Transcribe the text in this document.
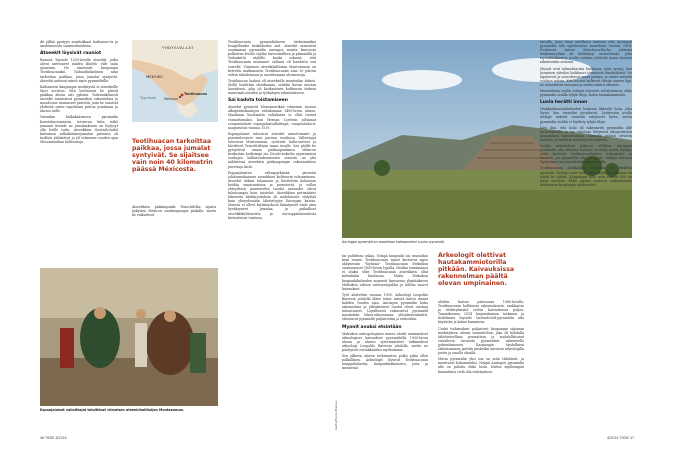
dit jälkiä pyntyyn muistokkaat kadonnee-ta ja unohtuneesta suuruuskaudesta.

Atseekit löysivät rauniot

Rauniot löysivät 1200-luvulla atseekit, jotka olivat asettuneet mäden läheltä- ville saita ajoneimn. He nimesivät kaupungin Teotihuacaniksi. Nahuatlinkielinen nimi tarkoittaa paikkaa, jossa jumalat syntyivät. Atseekit antoivat nimet myös pyramideille.

Kadonneen kaupungin merkitystä ei atseekeille täysi arvoitus. Sitä luultavasti he pitivät paikkaa alusta asti pyhänä. Todennäköisesti atseekit tunnistivat pyramidien rakennelma ja muodostus ruumaseet pärtetiä, joita he osasivat yhdistää omiin tapoihinsa palvoa jumaliaan ja uhrata niille.

Varsinkin kulkakäärmeen pyramidin koristekuvioinnissa toistuvan kiita näkö jumaani irtoivät ne jumalankuvan on löytyvyt olla heille tuttu. Atseekkien Quetzalcóatlal kutsuman sulkakäärmejumalan palvonta oli tuolloin yhdistävyt jo yli tuhannen vuoden ajan Mesoamerikan kulttuureja.

YHDYSVALLAT
MEKSIKO
Tyynimeri Méxicon
Teotihuacan
Teotihuacan tarkoittaa paikkaa, jossa jumalat syntyivät. Se sijaitsee vain noin 40 kilometrin päässä Méxicosta.

Atseekkien pääkaupunki Tenochtitlán sijaitsi nykyisen Méxicon suurkaupungin paikalla, mutta he vaikuttivat

Teotihuacanin pyramidialueen tärkeimmäksi hengelliseksi keskukseksi asti. Atseekit nimesivät suurimman pyramidin auringon muista kaavoista palkeivan levolle väylän hirvesimilleen ja pitimmillä ja Vadaskettä väylälle, koska sokuvat, että Teotihuacanin muinaiset valtiaat oli haudattu sen varrelle. Viimeisen atseekihallitsian Montezuman on kerrottu matkanneen Teotihuacaniin aina 20 päivän välein rukoilemaan ja suorittamaan uhrimenoja.

Teotihuacan laaksoi oli atseekeille muutenkin tärkeä. Siellä louhittiin obsidiaania, erittäin kovaa mustaa laavakiveä, joka oli kivikautisen kulttuurin tärkein materiaali aseiden ja työkalujen valmistukseen.

Sai kadota toistamiseen

Atseekit pystyivät Mesoamerikan viimeisen suuren alkuperäiskansojen valtakunnan 1400-luvun alussa. Maailman huolimatta valtakunta ei ollut tuonut voimattomaksi, kun Hernan Cortésin johtamat conquistadorit espanjalaisvalloittajat, conquistadorit, nauputuivat vuonna 1519.

Espanjalaiset tuhosivat atseekit armottomasti ja perustelevaiset vain parissa vuodessa. Valloittajat tuhosivat Montezuman, ryöstivät kulta-aarteet ja hävittivät Tenochtitlánin maan tasalle. Sen päälle he pystyttivät omam pääkaupunkinsa. Méxicon keskustan korkeimpi sta Zócalo-aukiolta nyysrumieni vanhojen hallintorakennusten seinistä on yhä nähtävissä atseekien pääkaupungin rakennuskivia purettuja kiviä.

Espanjalaisten valtaapyrkimää perustui johdonmukaiseen atseekkien kulttuurin tuhoamiseen. Atseekit uhkasi tuhannoin ja hävitettiin kokonaan heidän omaisuutensa ja perusterät, ja vallan yhteydessä mantereelta tuodut sairaudet olivat tuhoisampia kuin taistelut. Atseekkien perimätieto lukeneita käsikirjoituksia oli mahdotonta säilyttää kuin yhteydessään lähetettyjen Euroopan kautta. Maassa ei olleet kristinuskoon kääntyneet eivät aina hyväksyneet Jumalaa, ja paikalliset atseekkikulttuurista ja eurooppalaisuudesta kietoutuivat toisiinsa.

Espanjalaiset valloittajat teloittivat viimeisen atseekihallitsijan Montezuman.
46 TIEDE 8/2024
Auringon pyramidi on maailman kolmanneksi suurin pyramidi.
Getty/Pierre Maloes

tai poliittista uskaa. Niinpä kaupunki sai raunioiksi kuin ennen. Teotihuacanin nimet kertoivat myös säilyneisiin "löytöinä" Teotihuacanin Meksikon viranomaiset 1800-luvun lopulla. Heidän toimintansa ei aluksi ollut Teotihuacanin atseekkien ollut mitenkään kuuluisaa. Mutta Meksikon kaupunkikaluuden nopeasti kasvaessa ylipitääkseen Meksikon valtion satavuotisjuhlia ja tehtiin suuret kaivaukset.

Työt aloitettiin vuonna 1905. Arkeologi Leopoldo Batresin johdolla lähes tuhat miestä kaivoi maata kahden vuoden ajan. Auringon pyramidin koko rakennelma ja ylärakenteet tuodut olivat osittain tuhoutuneet. Lopullisesti rakennetut pyramidit muokattiin lukea-oikeusmaan ylösalaistrakseitti. Muistavat pyramidit paljastettiin ja entisöitiin.

Myonit avuksi etsintään

Meksikon antropologinen museo aloitti ensimmäiset arkeologiset kaivaukset pyramideilla 1900-luvun alussa ja alueen systemaattiset tutkimukset arkeologi Leopoldo Batresin johdolla, mutta ne päättyivät vastakkaisiksi myöhemmin.

Sen jälkeen alueen tutkimusten polku pitkä ollen palkallinen. Arkeologit löysivät Teotihuacanin temppelialueita, kaupunkirakenteita, joita ja mennessä

Arkeologit olettivat hautakammiotorilla pitkään. Kaivauksissa rakennelman päältä olevan umpinainen.

alettiin kaivaa pääsuoraa 1960-luvulla. Teotihuacanin hallituista rakennuksista, asukkaista ja eliittiryhmistä selvisi kaivauksissa paljon. Tammikuussa 2014 laajamittainen tutkimus ja tiedekunta loysivät Quetzalcóatl-pyramidin alta käytävän ja kolme kammiota.

Uudet tutkimukset paljastivat kaupungin sijainnin merkityksen olevan suunniteltua, joka oli kohdalla tähtitieteellisin periaattein ja mahdollistanut vierailevia tarinoita pyramidien rakenteelle jyrkentämiseen. Kaupungin täydellinen rakentaminen jaettiin piiskoiksi muutoin arkeologilla jaettu ja omalla oksalla.

Mutta pyramidin yksi osa on mitä tähtäävät, ja muuttuvat kokonaiseksi. Niinpä Auringon pyramidin alle on piilottu ehkä luola. Niiden myöhempää kannattaisi vielä olla esittämässä.

tavoilla. Juuri tämä mielikuva ansiosta siitä Auringon pyramidin alla sijaitsevassa tunnelissa vuonna 2004. Professori Arturo Menchaca-Rocha johtama tutkimusryhmä oli kehittänyt menetelmän, jolla myonihiukkasten avulla voidaan selvittää maan alaisten rakenteiden sisäosia.

Myonit ovat sekundaarisia hiukkasia, joita syntyy, kun kosmisen säteilyn hiukkaset törmäävät ilmakehässä. Ne läpäisevät ja saavuttavat maan pinnan, ja niiden määrää voidaan mitata. Kun myonit kulkevat tiheän aineen läpi, ne menettävät energiaa ja niiden määrä vähenee.

Menetelmän avulla tutkijat toivoivat selvittävänsä, oliko pyramidin sisällä tyhjiä tiloja, kuten hautakammioita.

Luola herätti innon

Hiukkasilmaisinlaitteiden laskenta likkeelle luola, joka löytyi, kun tunneliin perattavat. Laitteiston avulla tutkijat näkivät tunnelin erityisesti hyvin, mutta pyramidin sisältä ei löydetty tyhjiä tiloja.

Kävi ilmi, että luola oli rakennettu pyramidin alle tarkoituksella, ja sen uskotaan liittyneen alkuperäisten kaupunkien kosmologiaan. Tunnelin päässä olevasta luolasta on löydetty merkkejä rituaaleista.

Luolan tutkimukset jatkuvat edelleen. Auringon pyramidin alla olevasta luolasta on tehty useita löytöjä, jotka kertovat teotihuacanilaisten uskonnosta ja tavoista. Jos pyramidin alla on hauta, tutkijat toivovat löytävänsä sen myonitutkimuksen avulla.

Teotihuacanin asukkaiden alkuperä on edelleen mysteeri. Tutkijat eivät tiedä, mitä kieltä he puhuivat tai mistä he tulivat. Kaupungin tuho noin vuonna 550 on myös arvoitus. Ehkä myonit auttavat ratkaisemaan kadonneen kaupungin salaisuudet.

8/2024 TIEDE 47
